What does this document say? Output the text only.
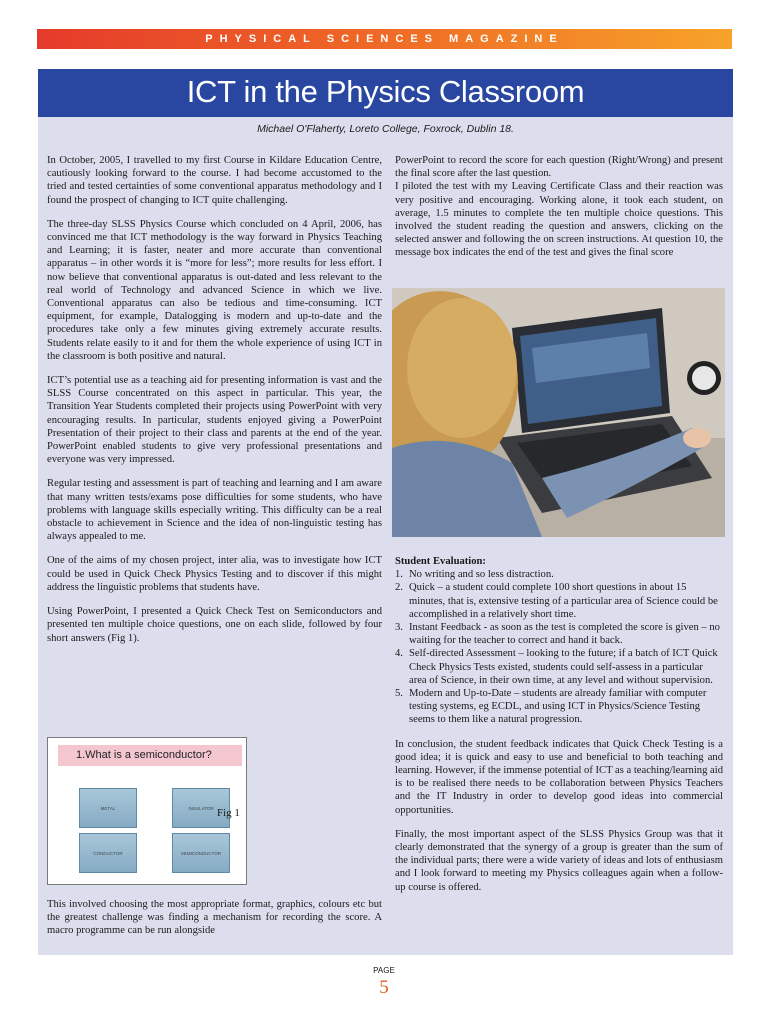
PHYSICAL SCIENCES MAGAZINE
ICT in the Physics Classroom
Michael O'Flaherty, Loreto College, Foxrock, Dublin 18.

In October, 2005, I travelled to my first Course in Kildare Education Centre, cautiously looking forward to the course. I had become accustomed to the tried and tested certainties of some conventional apparatus methodology and I found the prospect of changing to ICT quite challenging.

The three-day SLSS Physics Course which concluded on 4 April, 2006, has convinced me that ICT methodology is the way forward in Physics Teaching and Learning; it is faster, neater and more accurate than conventional apparatus – in other words it is “more for less”; more results for less effort. I now believe that conventional apparatus is out-dated and less relevant to the real world of Technology and advanced Science in which we live. Conventional apparatus can also be tedious and time-consuming. ICT equipment, for example, Datalogging is modern and up-to-date and the procedures take only a few minutes giving extremely accurate results. Students relate easily to it and for them the whole experience of using ICT in the classroom is both positive and natural.

ICT’s potential use as a teaching aid for presenting information is vast and the SLSS Course concentrated on this aspect in particular. This year, the Transition Year Students completed their projects using PowerPoint with very encouraging results. In particular, students enjoyed giving a PowerPoint Presentation of their project to their class and parents at the end of the year. PowerPoint enabled students to give very professional presentations and everyone was very impressed.

Regular testing and assessment is part of teaching and learning and I am aware that many written tests/exams pose difficulties for some students, who have problems with language skills especially writing. This difficulty can be a real obstacle to achievement in Science and the idea of non-linguistic testing has always appealed to me.

One of the aims of my chosen project, inter alia, was to investigate how ICT could be used in Quick Check Physics Testing and to discover if this might address the linguistic problems that students have.

Using PowerPoint, I presented a Quick Check Test on Semiconductors and presented ten multiple choice questions, one on each slide, followed by four short answers (Fig 1).

1.What is a semiconductor?
METAL	INSULATOR
CONDUCTOR	SEMICONDUCTOR

This involved choosing the most appropriate format, graphics, colours etc but the greatest challenge was finding a mechanism for recording the score. A macro programme can be run alongside

PowerPoint to record the score for each question (Right/Wrong) and present the final score after the last question.

I piloted the test with my Leaving Certificate Class and their reaction was very positive and encouraging. Working alone, it took each student, on average, 1.5 minutes to complete the ten multiple choice questions. This involved the student reading the question and answers, clicking on the selected answer and following the on screen instructions. At question 10, the message box indicates the end of the test and gives the final score

Student Evaluation:
1. No writing and so less distraction.
2. Quick – a student could complete 100 short questions in about 15 minutes, that is, extensive testing of a particular area of Science could be accomplished in a relatively short time.
3. Instant Feedback - as soon as the test is completed the score is given – no waiting for the teacher to correct and hand it back.
4. Self-directed Assessment – looking to the future; if a batch of ICT Quick Check Physics Tests existed, students could self-assess in a particular area of Science, in their own time, at any level and without supervision.
5. Modern and Up-to-Date – students are already familiar with computer testing systems, eg ECDL, and using ICT in Physics/Science Testing seems to them like a natural progression.

In conclusion, the student feedback indicates that Quick Check Testing is a good idea; it is quick and easy to use and beneficial to both teaching and learning. However, if the immense potential of ICT as a teaching/learning aid is to be realised there needs to be collaboration between Physics Teachers and the IT Industry in order to develop good ideas into commercial opportunities.

Finally, the most important aspect of the SLSS Physics Group was that it clearly demonstrated that the synergy of a group is greater than the sum of the individual parts; there were a wide variety of ideas and lots of enthusiasm and I look forward to meeting my Physics colleagues again when a follow-up course is offered.

Fig 1
PAGE
5
